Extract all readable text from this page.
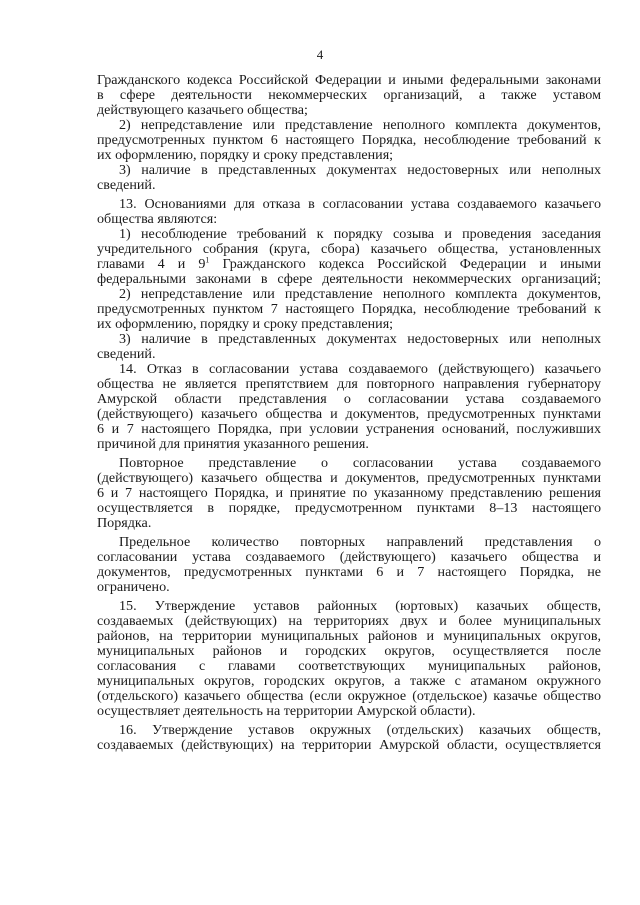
4
Гражданского кодекса Российской Федерации и иными федеральными законами
в сфере деятельности некоммерческих организаций, а также уставом
действующего казачьего общества;
2) непредставление или представление неполного комплекта документов,
предусмотренных пунктом 6 настоящего Порядка, несоблюдение требований к
их оформлению, порядку и сроку представления;
3) наличие в представленных документах недостоверных или неполных
сведений.
13. Основаниями для отказа в согласовании устава создаваемого казачьего
общества являются:
1) несоблюдение требований к порядку созыва и проведения заседания
учредительного собрания (круга, сбора) казачьего общества, установленных
главами 4 и $9^1$ Гражданского кодекса Российской Федерации и иными
федеральными законами в сфере деятельности некоммерческих организаций;
2) непредставление или представление неполного комплекта документов,
предусмотренных пунктом 7 настоящего Порядка, несоблюдение требований к
их оформлению, порядку и сроку представления;
3) наличие в представленных документах недостоверных или неполных
сведений.
14. Отказ в согласовании устава создаваемого (действующего) казачьего
общества не является препятствием для повторного направления губернатору
Амурской области представления о согласовании устава создаваемого
(действующего) казачьего общества и документов, предусмотренных пунктами
6 и 7 настоящего Порядка, при условии устранения оснований, послуживших
причиной для принятия указанного решения.
Повторное представление о согласовании устава создаваемого
(действующего) казачьего общества и документов, предусмотренных пунктами
6 и 7 настоящего Порядка, и принятие по указанному представлению решения
осуществляется в порядке, предусмотренном пунктами 8–13 настоящего
Порядка.
Предельное количество повторных направлений представления о
согласовании устава создаваемого (действующего) казачьего общества и
документов, предусмотренных пунктами 6 и 7 настоящего Порядка, не
ограничено.
15. Утверждение уставов районных (юртовых) казачьих обществ,
создаваемых (действующих) на территориях двух и более муниципальных
районов, на территории муниципальных районов и муниципальных округов,
муниципальных районов и городских округов, осуществляется после
согласования с главами соответствующих муниципальных районов,
муниципальных округов, городских округов, а также с атаманом окружного
(отдельского) казачьего общества (если окружное (отдельское) казачье общество
осуществляет деятельность на территории Амурской области).
16. Утверждение уставов окружных (отдельских) казачьих обществ,
создаваемых (действующих) на территории Амурской области, осуществляется
